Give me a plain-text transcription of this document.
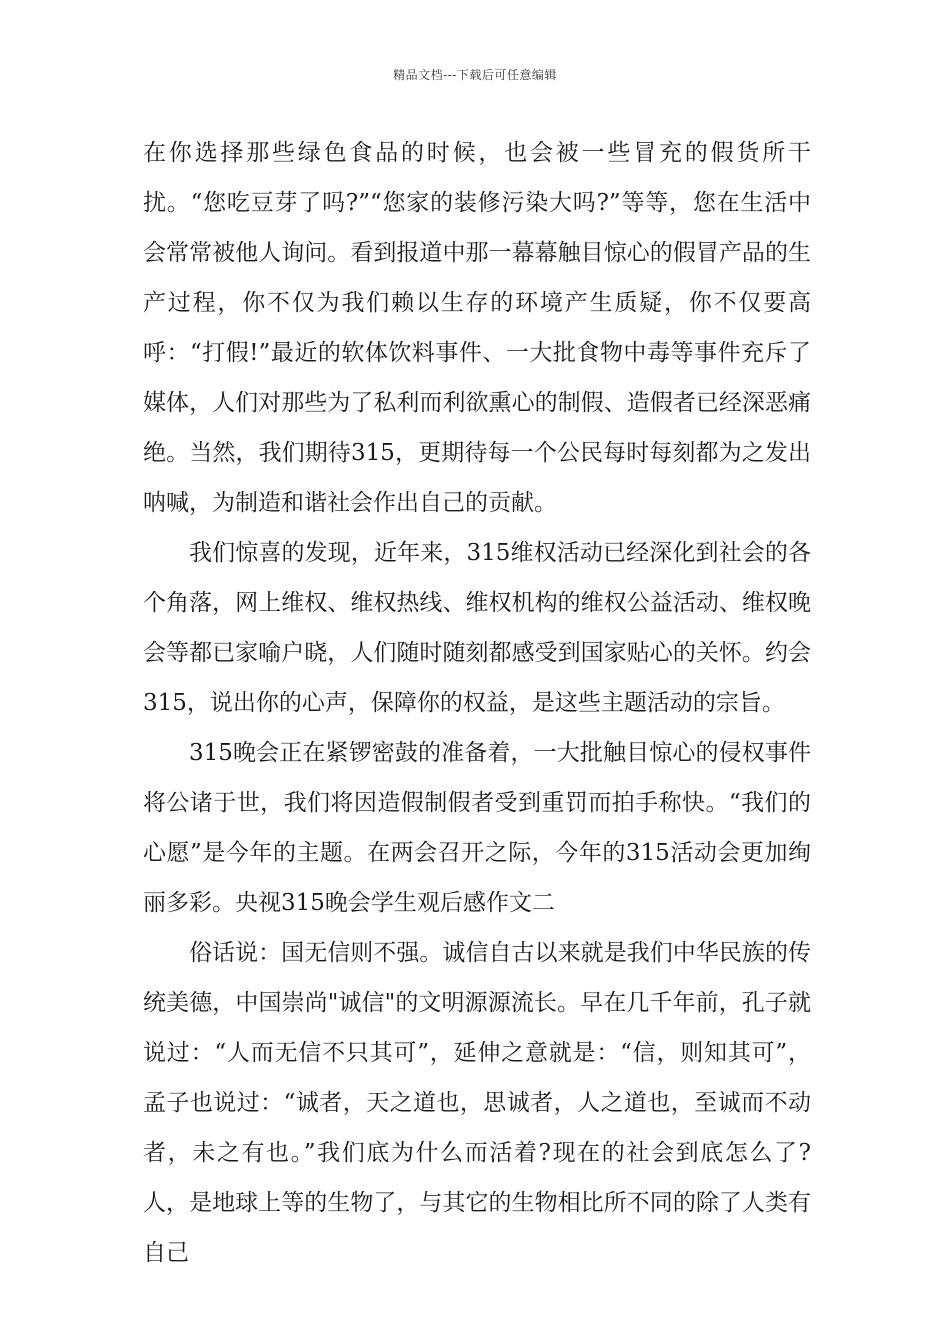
精品文档---下载后可任意编辑

在你选择那些绿色食品的时候，也会被一些冒充的假货所干扰。“您吃豆芽了吗?”“您家的装修污染大吗?”等等，您在生活中会常常被他人询问。看到报道中那一幕幕触目惊心的假冒产品的生产过程，你不仅为我们赖以生存的环境产生质疑，你不仅要高呼：“打假!”最近的软体饮料事件、一大批食物中毒等事件充斥了媒体，人们对那些为了私利而利欲熏心的制假、造假者已经深恶痛绝。当然，我们期待315，更期待每一个公民每时每刻都为之发出呐喊，为制造和谐社会作出自己的贡献。

我们惊喜的发现，近年来，315维权活动已经深化到社会的各个角落，网上维权、维权热线、维权机构的维权公益活动、维权晚会等都已家喻户晓，人们随时随刻都感受到国家贴心的关怀。约会315，说出你的心声，保障你的权益，是这些主题活动的宗旨。

315晚会正在紧锣密鼓的准备着，一大批触目惊心的侵权事件将公诸于世，我们将因造假制假者受到重罚而拍手称快。“我们的心愿”是今年的主题。在两会召开之际，今年的315活动会更加绚丽多彩。央视315晚会学生观后感作文二

俗话说：国无信则不强。诚信自古以来就是我们中华民族的传统美德，中国崇尚"诚信"的文明源源流长。早在几千年前，孔子就说过：“人而无信不只其可”，延伸之意就是：“信，则知其可”，孟子也说过：“诚者，天之道也，思诚者，人之道也，至诚而不动者，未之有也。”我们底为什么而活着?现在的社会到底怎么了?人，是地球上等的生物了，与其它的生物相比所不同的除了人类有自己
